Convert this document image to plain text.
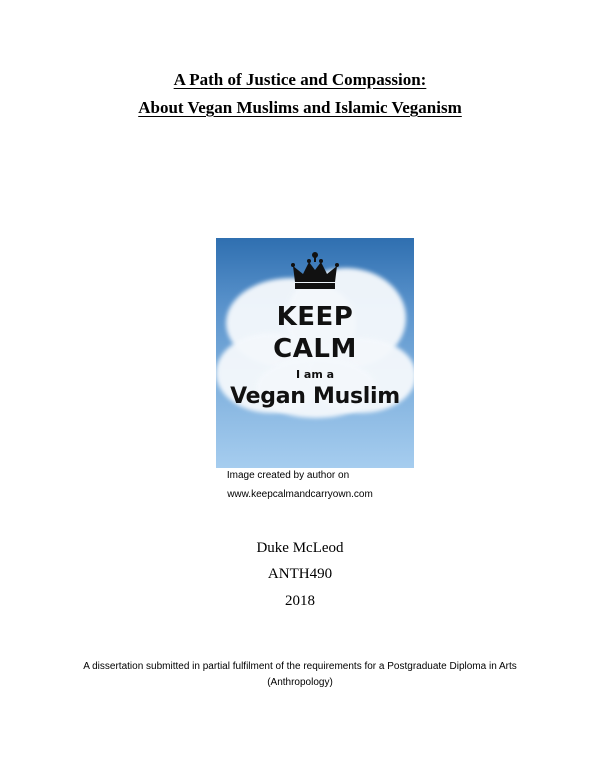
A Path of Justice and Compassion:
About Vegan Muslims and Islamic Veganism
KEEP
CALM
I am a
Vegan Muslim
Image created by author on
www.keepcalmandcarryown.com
Duke McLeod
ANTH490
2018
A dissertation submitted in partial fulfilment of the requirements for a Postgraduate Diploma in Arts
(Anthropology)
